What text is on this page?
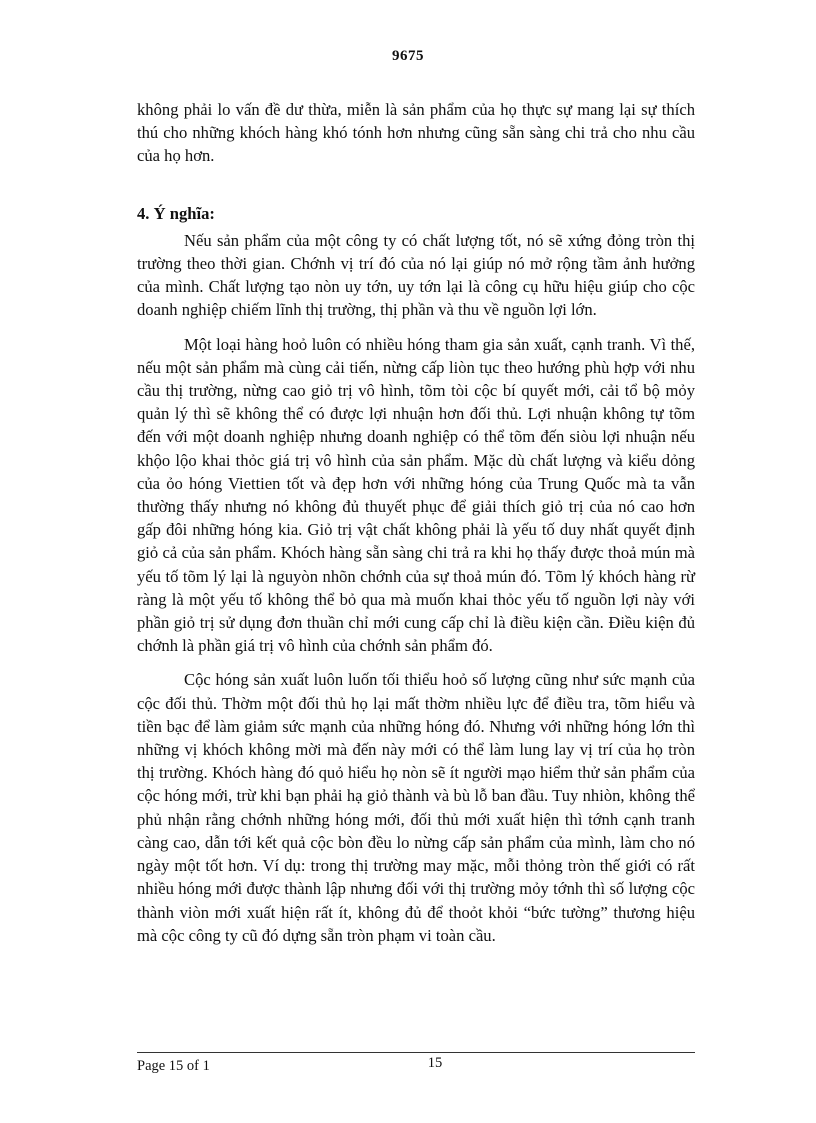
9675

không phải lo vấn đề dư thừa, miễn là sản phẩm của họ thực sự mang lại sự thích thú cho những khóch hàng khó tónh hơn nhưng cũng sẵn sàng chi trả cho nhu cầu của họ hơn.

4. Ý nghĩa:

Nếu sản phẩm của một công ty có chất lượng tốt, nó sẽ xứng đỏng tròn thị trường theo thời gian. Chớnh vị trí đó của nó lại giúp nó mở rộng tầm ảnh hưởng của mình. Chất lượng tạo nòn uy tớn, uy tớn lại là công cụ hữu hiệu giúp cho cộc doanh nghiệp chiếm lĩnh thị trường, thị phần và thu về nguồn lợi lớn.

Một loại hàng hoỏ luôn có nhiều hóng tham gia sản xuất, cạnh tranh. Vì thế, nếu một sản phẩm mà cùng cải tiến, nừng cấp liòn tục theo hướng phù hợp với nhu cầu thị trường, nừng cao giỏ trị vô hình, tõm tòi cộc bí quyết mới, cải tổ bộ mỏy quản lý thì sẽ không thể có được lợi nhuận hơn đối thủ. Lợi nhuận không tự tõm đến với một doanh nghiệp nhưng doanh nghiệp có thể tõm đến siòu lợi nhuận nếu khộo lộo khai thỏc giá trị vô hình của sản phẩm. Mặc dù chất lượng và kiểu dỏng của ỏo hóng Viettien tốt và đẹp hơn với những hóng của Trung Quốc mà ta vẫn thường thấy nhưng nó không đủ thuyết phục để giải thích giỏ trị của nó cao hơn gấp đôi những hóng kia. Giỏ trị vật chất không phải là yếu tố duy nhất quyết định giỏ cả của sản phẩm. Khóch hàng sẵn sàng chi trả ra khi họ thấy được thoả mún mà yếu tố tõm lý lại là nguyòn nhõn chớnh của sự thoả mún đó. Tõm lý khóch hàng rừ ràng là một yếu tố không thể bỏ qua mà muốn khai thỏc yếu tố nguồn lợi này với phần giỏ trị sử dụng đơn thuần chỉ mới cung cấp chỉ là điều kiện cần. Điều kiện đủ chớnh là phần giá trị vô hình của chớnh sản phẩm đó.

Cộc hóng sản xuất luôn luốn tối thiểu hoỏ số lượng cũng như sức mạnh của cộc đối thủ. Thờm một đối thủ họ lại mất thờm nhiều lực để điều tra, tõm hiểu và tiền bạc để làm giảm sức mạnh của những hóng đó. Nhưng với những hóng lớn thì những vị khóch không mời mà đến này mới có thể làm lung lay vị trí của họ tròn thị trường. Khóch hàng đó quỏ hiểu họ nòn sẽ ít người mạo hiểm thử sản phẩm của cộc hóng mới, trừ khi bạn phải hạ giỏ thành và bù lỗ ban đầu. Tuy nhiòn, không thể phủ nhận rằng chớnh những hóng mới, đối thủ mới xuất hiện thì tớnh cạnh tranh càng cao, dẫn tới kết quả cộc bòn đều lo nừng cấp sản phẩm của mình, làm cho nó ngày một tốt hơn. Ví dụ: trong thị trường may mặc, mỗi thỏng tròn thế giới có rất nhiều hóng mới được thành lập nhưng đối với thị trường mỏy tớnh thì số lượng cộc thành viòn mới xuất hiện rất ít, không đủ để thoỏt khỏi “bức tường” thương hiệu mà cộc công ty cũ đó dựng sẵn tròn phạm vi toàn cầu.

Page 15 of 1	15
